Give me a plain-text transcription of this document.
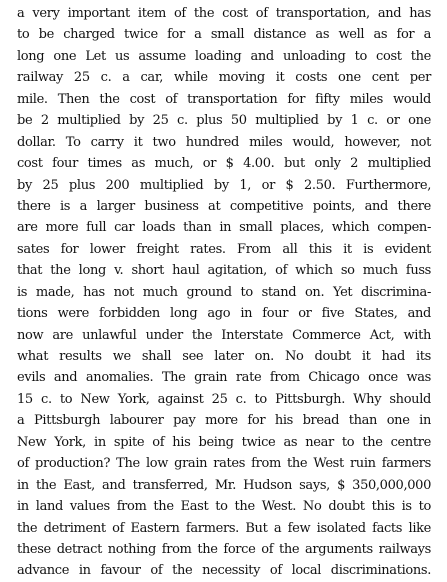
a very important item of the cost of transportation, and has
to be charged twice for a small distance as well as for a
long one Let us assume loading and unloading to cost the
railway 25 c. a car, while moving it costs one cent per
mile. Then the cost of transportation for fifty miles would
be 2 multiplied by 25 c. plus 50 multiplied by 1 c. or one
dollar. To carry it two hundred miles would, however, not
cost four times as much, or $ 4.00. but only 2 multiplied
by 25 plus 200 multiplied by 1, or $ 2.50. Furthermore,
there is a larger business at competitive points, and there
are more full car loads than in small places, which compen-
sates for lower freight rates. From all this it is evident
that the long v. short haul agitation, of which so much fuss
is made, has not much ground to stand on. Yet discrimina-
tions were forbidden long ago in four or five States, and
now are unlawful under the Interstate Commerce Act, with
what results we shall see later on. No doubt it had its
evils and anomalies. The grain rate from Chicago once was
15 c. to New York, against 25 c. to Pittsburgh. Why should
a Pittsburgh labourer pay more for his bread than one in
New York, in spite of his being twice as near to the centre
of production? The low grain rates from the West ruin farmers
in the East, and transferred, Mr. Hudson says, $ 350,000,000
in land values from the East to the West. No doubt this is to
the detriment of Eastern farmers. But a few isolated facts like
these detract nothing from the force of the arguments railways
advance in favour of the necessity of local discriminations.
